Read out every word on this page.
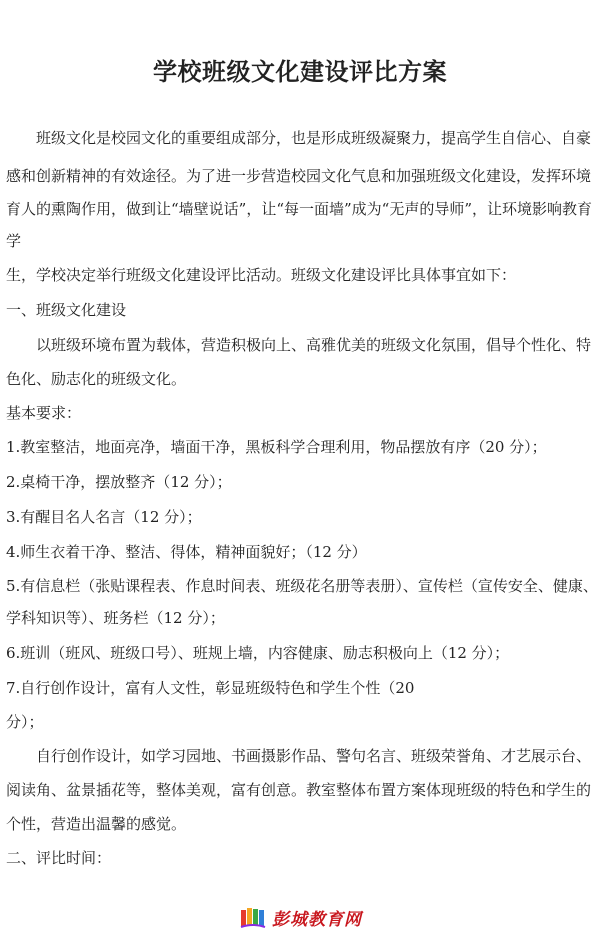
学校班级文化建设评比方案
班级文化是校园文化的重要组成部分，也是形成班级凝聚力，提高学生自信心、自豪
感和创新精神的有效途径。为了进一步营造校园文化气息和加强班级文化建设，发挥环境
育人的熏陶作用，做到让“墙壁说话”，让“每一面墙”成为“无声的导师”，让环境影响教育
学
生，学校决定举行班级文化建设评比活动。班级文化建设评比具体事宜如下：
一、班级文化建设
以班级环境布置为载体，营造积极向上、高雅优美的班级文化氛围，倡导个性化、特
色化、励志化的班级文化。
基本要求：
1.教室整洁，地面亮净，墙面干净，黑板科学合理利用，物品摆放有序（20 分）；
2.桌椅干净，摆放整齐（12 分）；
3.有醒目名人名言（12 分）；
4.师生衣着干净、整洁、得体，精神面貌好；（12 分）
5.有信息栏（张贴课程表、作息时间表、班级花名册等表册）、宣传栏（宣传安全、健康、
学科知识等）、班务栏（12 分）；
6.班训（班风、班级口号）、班规上墙，内容健康、励志积极向上（12 分）；
7.自行创作设计，富有人文性，彰显班级特色和学生个性（20
分）；
自行创作设计，如学习园地、书画摄影作品、警句名言、班级荣誉角、才艺展示台、
阅读角、盆景插花等，整体美观，富有创意。教室整体布置方案体现班级的特色和学生的
个性，营造出温馨的感觉。
二、评比时间：
彭城教育网
